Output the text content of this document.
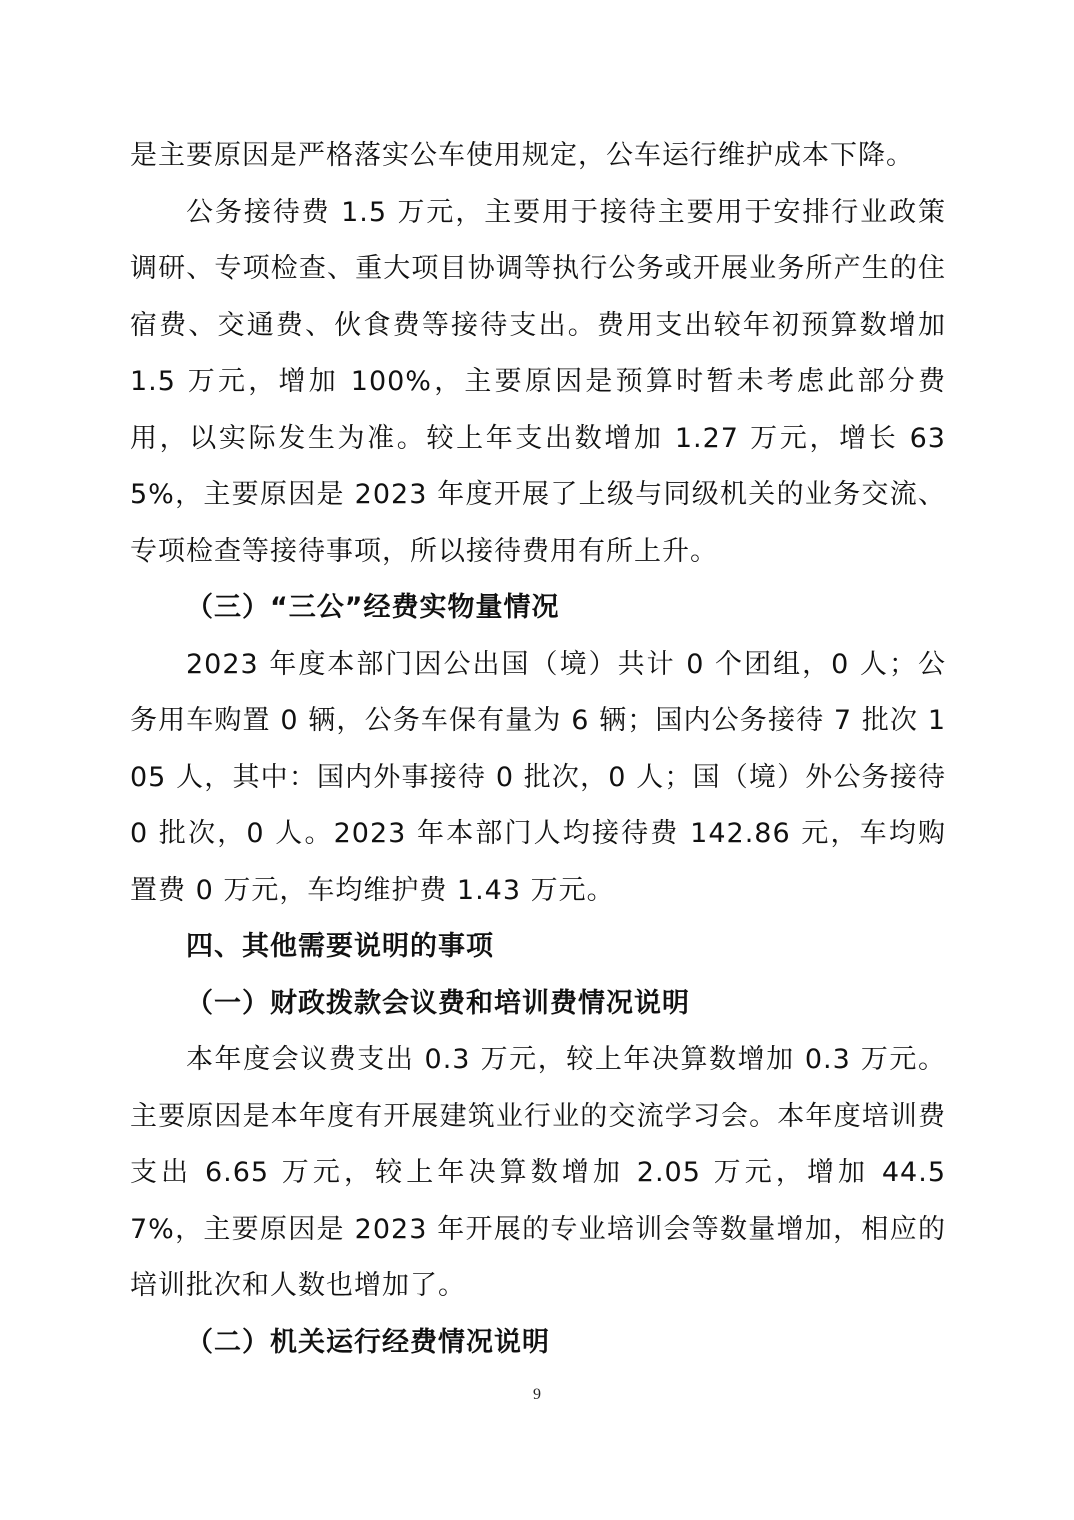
是主要原因是严格落实公车使用规定，公车运行维护成本下降。

公务接待费 1.5 万元，主要用于接待主要用于安排行业政策调研、专项检查、重大项目协调等执行公务或开展业务所产生的住宿费、交通费、伙食费等接待支出。费用支出较年初预算数增加 1.5 万元，增加 100%，主要原因是预算时暂未考虑此部分费用，以实际发生为准。较上年支出数增加 1.27 万元，增长 635%，主要原因是 2023 年度开展了上级与同级机关的业务交流、专项检查等接待事项，所以接待费用有所上升。

（三）“三公”经费实物量情况

2023 年度本部门因公出国（境）共计 0 个团组，0 人；公务用车购置 0 辆，公务车保有量为 6 辆；国内公务接待 7 批次 105 人，其中：国内外事接待 0 批次，0 人；国（境）外公务接待 0 批次，0 人。2023 年本部门人均接待费 142.86 元，车均购置费 0 万元，车均维护费 1.43 万元。

四、其他需要说明的事项

（一）财政拨款会议费和培训费情况说明

本年度会议费支出 0.3 万元，较上年决算数增加 0.3 万元。主要原因是本年度有开展建筑业行业的交流学习会。本年度培训费支出 6.65 万元，较上年决算数增加 2.05 万元，增加 44.57%，主要原因是 2023 年开展的专业培训会等数量增加，相应的培训批次和人数也增加了。

（二）机关运行经费情况说明

9
